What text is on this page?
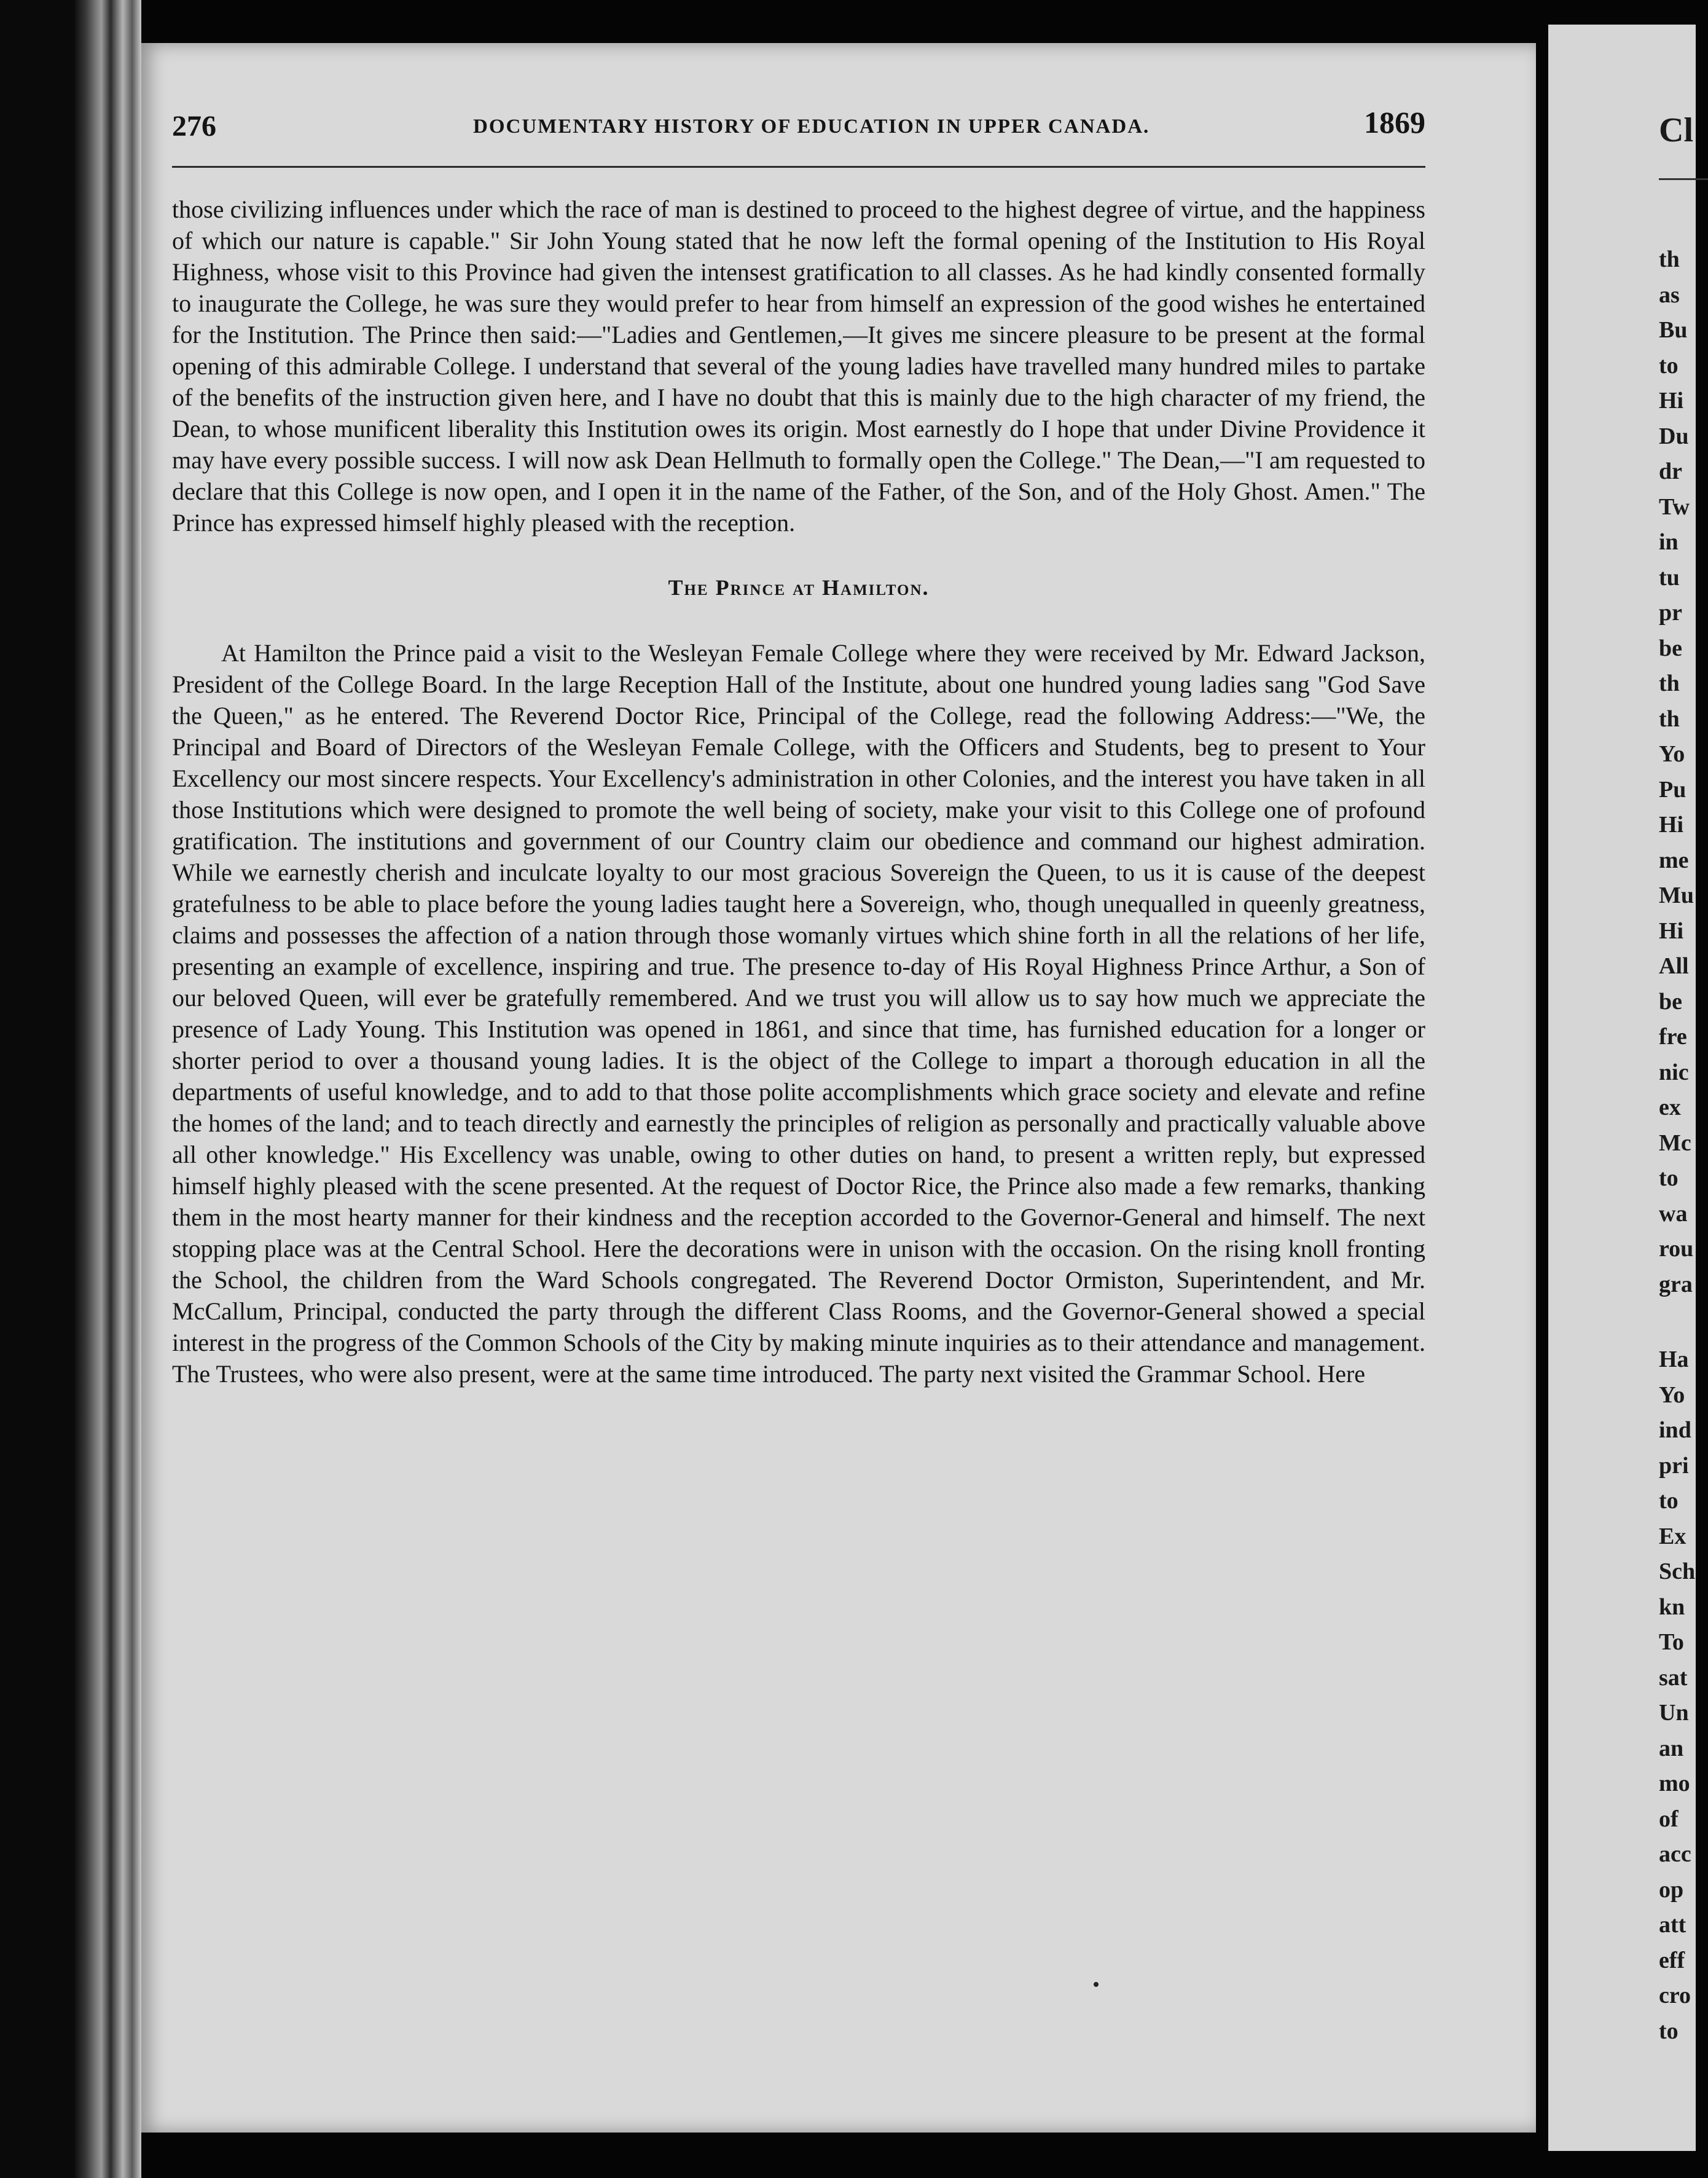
Cl
th
as
Bu
to
Hi
Du
dr
Tw
in
tu
pr
be
th
th
Yo
Pu
Hi
me
Mu
Hi
All
be
fre
nic
ex
Mc
to
wa
rou
gra
Ha
Yo
ind
pri
to
Ex
Sch
kn
To
sat
Un
an
mo
of
acc
op
att
eff
cro
to
276	DOCUMENTARY HISTORY OF EDUCATION IN UPPER CANADA.	1869

those civilizing influences under which the race of man is destined to proceed to the highest degree of virtue, and the happiness of which our nature is capable." Sir John Young stated that he now left the formal opening of the Institution to His Royal Highness, whose visit to this Province had given the intensest gratification to all classes. As he had kindly consented formally to inaugurate the College, he was sure they would prefer to hear from himself an expression of the good wishes he entertained for the Institution. The Prince then said:—"Ladies and Gentlemen,—It gives me sincere pleasure to be present at the formal opening of this admirable College. I understand that several of the young ladies have travelled many hundred miles to partake of the benefits of the instruction given here, and I have no doubt that this is mainly due to the high character of my friend, the Dean, to whose munificent liberality this Institution owes its origin. Most earnestly do I hope that under Divine Providence it may have every possible success. I will now ask Dean Hellmuth to formally open the College." The Dean,—"I am requested to declare that this College is now open, and I open it in the name of the Father, of the Son, and of the Holy Ghost. Amen." The Prince has expressed himself highly pleased with the reception.

The Prince at Hamilton.

At Hamilton the Prince paid a visit to the Wesleyan Female College where they were received by Mr. Edward Jackson, President of the College Board. In the large Reception Hall of the Institute, about one hundred young ladies sang "God Save the Queen," as he entered. The Reverend Doctor Rice, Principal of the College, read the following Address:—"We, the Principal and Board of Directors of the Wesleyan Female College, with the Officers and Students, beg to present to Your Excellency our most sincere respects. Your Excellency's administration in other Colonies, and the interest you have taken in all those Institutions which were designed to promote the well being of society, make your visit to this College one of profound gratification. The institutions and government of our Country claim our obedience and command our highest admiration. While we earnestly cherish and inculcate loyalty to our most gracious Sovereign the Queen, to us it is cause of the deepest gratefulness to be able to place before the young ladies taught here a Sovereign, who, though unequalled in queenly greatness, claims and possesses the affection of a nation through those womanly virtues which shine forth in all the relations of her life, presenting an example of excellence, inspiring and true. The presence to-day of His Royal Highness Prince Arthur, a Son of our beloved Queen, will ever be gratefully remembered. And we trust you will allow us to say how much we appreciate the presence of Lady Young. This Institution was opened in 1861, and since that time, has furnished education for a longer or shorter period to over a thousand young ladies. It is the object of the College to impart a thorough education in all the departments of useful knowledge, and to add to that those polite accomplishments which grace society and elevate and refine the homes of the land; and to teach directly and earnestly the principles of religion as personally and practically valuable above all other knowledge." His Excellency was unable, owing to other duties on hand, to present a written reply, but expressed himself highly pleased with the scene presented. At the request of Doctor Rice, the Prince also made a few remarks, thanking them in the most hearty manner for their kindness and the reception accorded to the Governor-General and himself. The next stopping place was at the Central School. Here the decorations were in unison with the occasion. On the rising knoll fronting the School, the children from the Ward Schools congregated. The Reverend Doctor Ormiston, Superintendent, and Mr. McCallum, Principal, conducted the party through the different Class Rooms, and the Governor-General showed a special interest in the progress of the Common Schools of the City by making minute inquiries as to their attendance and management. The Trustees, who were also present, were at the same time introduced. The party next visited the Grammar School. Here
